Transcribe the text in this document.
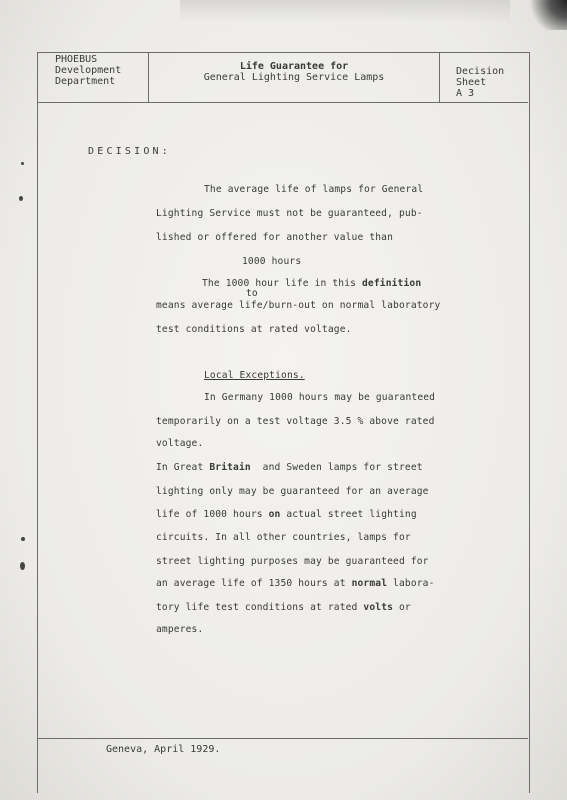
PHOEBUS
Development
Department
Life Guarantee for
General Lighting Service Lamps
Decision
Sheet
A 3
DECISION:
The average life of lamps for General
Lighting Service must not be guaranteed, pub-
lished or offered for another value than
1000 hours
The 1000 hour life in this definition
to
means average life/burn-out on normal laboratory
test conditions at rated voltage.
Local Exceptions.
In Germany 1000 hours may be guaranteed
temporarily on a test voltage 3.5 % above rated
voltage.
In Great Britain  and Sweden lamps for street
lighting only may be guaranteed for an average
life of 1000 hours on actual street lighting
circuits. In all other countries, lamps for
street lighting purposes may be guaranteed for
an average life of 1350 hours at normal labora-
tory life test conditions at rated volts or
amperes.
Geneva, April 1929.
